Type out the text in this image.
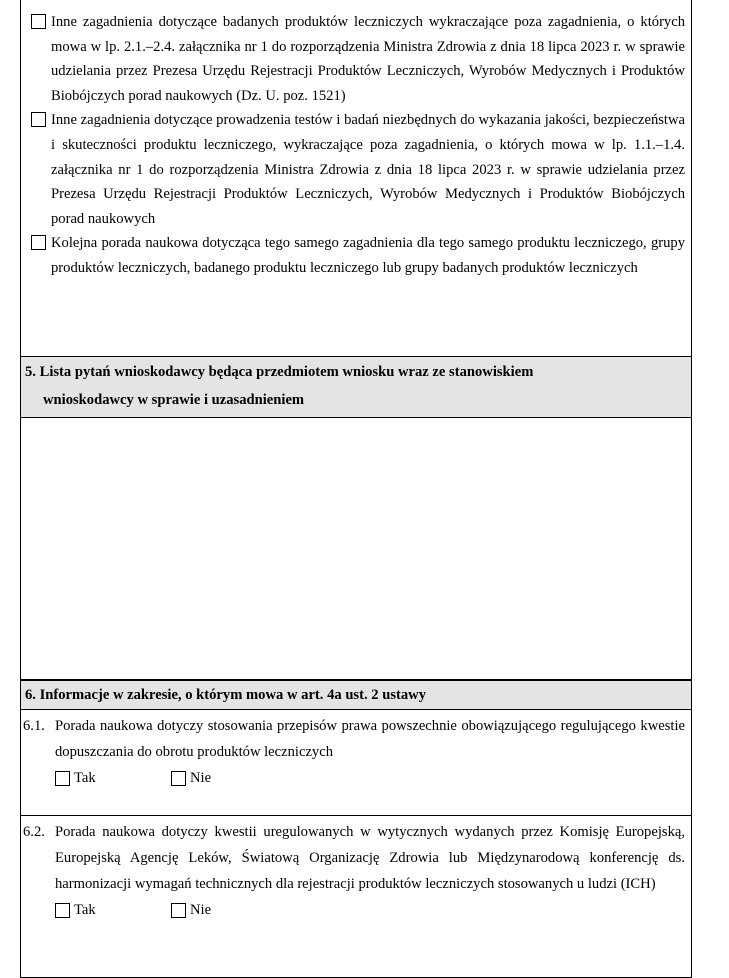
Inne zagadnienia dotyczące badanych produktów leczniczych wykraczające poza zagadnienia, o których mowa w lp. 2.1.–2.4. załącznika nr 1 do rozporządzenia Ministra Zdrowia z dnia 18 lipca 2023 r. w sprawie udzielania przez Prezesa Urzędu Rejestracji Produktów Leczniczych, Wyrobów Medycznych i Produktów Biobójczych porad naukowych (Dz. U. poz. 1521)
Inne zagadnienia dotyczące prowadzenia testów i badań niezbędnych do wykazania jakości, bezpieczeństwa i skuteczności produktu leczniczego, wykraczające poza zagadnienia, o których mowa w lp. 1.1.–1.4. załącznika nr 1 do rozporządzenia Ministra Zdrowia z dnia 18 lipca 2023 r. w sprawie udzielania przez Prezesa Urzędu Rejestracji Produktów Leczniczych, Wyrobów Medycznych i Produktów Biobójczych porad naukowych
Kolejna porada naukowa dotycząca tego samego zagadnienia dla tego samego produktu leczniczego, grupy produktów leczniczych, badanego produktu leczniczego lub grupy badanych produktów leczniczych
5. Lista pytań wnioskodawcy będąca przedmiotem wniosku wraz ze stanowiskiem
wnioskodawcy w sprawie i uzasadnieniem
6. Informacje w zakresie, o którym mowa w art. 4a ust. 2 ustawy
6.1. Porada naukowa dotyczy stosowania przepisów prawa powszechnie obowiązującego regulującego kwestie dopuszczania do obrotu produktów leczniczych
Tak	Nie
6.2. Porada naukowa dotyczy kwestii uregulowanych w wytycznych wydanych przez Komisję Europejską, Europejską Agencję Leków, Światową Organizację Zdrowia lub Międzynarodową konferencję ds. harmonizacji wymagań technicznych dla rejestracji produktów leczniczych stosowanych u ludzi (ICH)
Tak	Nie
